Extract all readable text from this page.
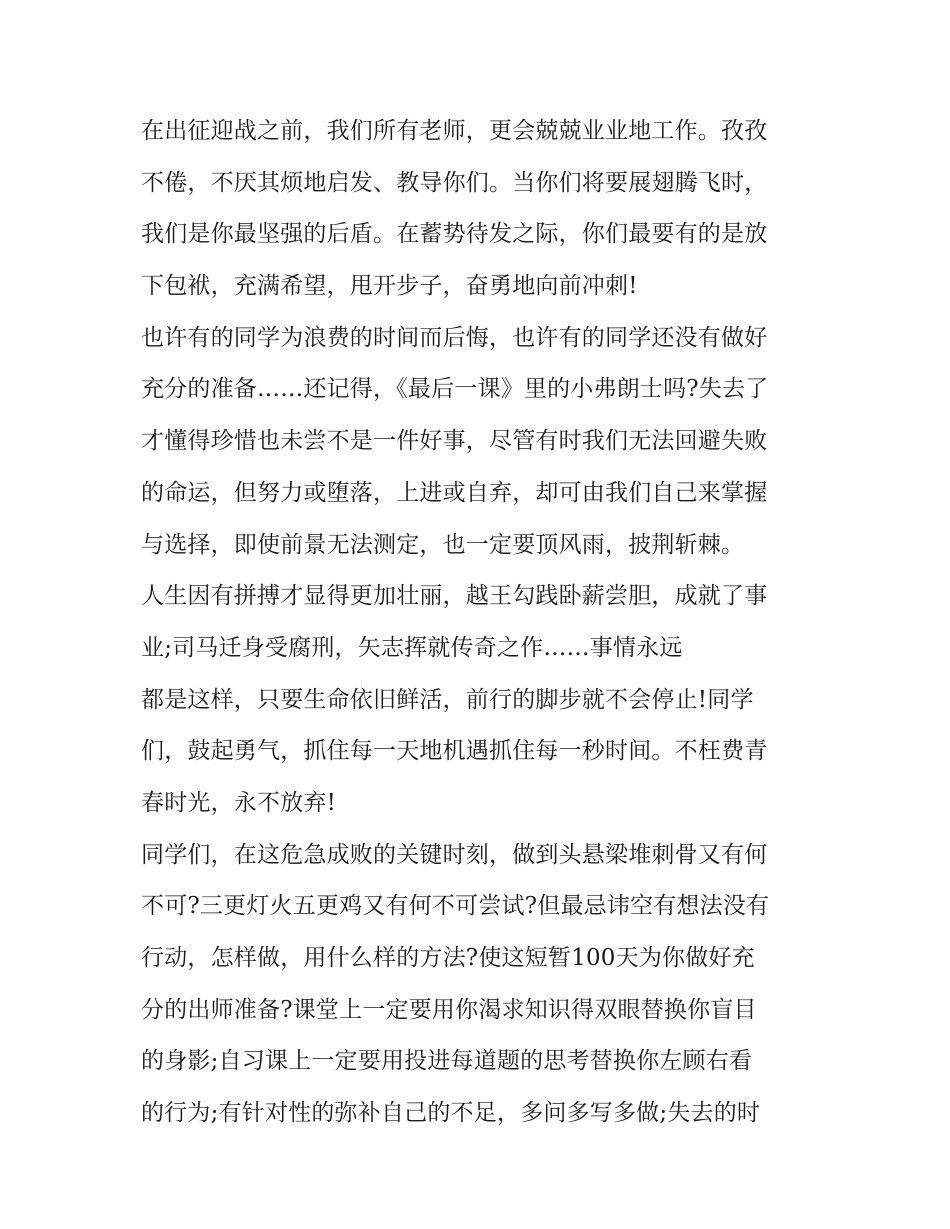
在出征迎战之前，我们所有老师，更会兢兢业业地工作。孜孜
不倦，不厌其烦地启发、教导你们。当你们将要展翅腾飞时，
我们是你最坚强的后盾。在蓄势待发之际，你们最要有的是放
下包袱，充满希望，甩开步子，奋勇地向前冲刺!
也许有的同学为浪费的时间而后悔，也许有的同学还没有做好
充分的准备……还记得，《最后一课》里的小弗朗士吗?失去了
才懂得珍惜也未尝不是一件好事，尽管有时我们无法回避失败
的命运，但努力或堕落，上进或自弃，却可由我们自己来掌握
与选择，即使前景无法测定，也一定要顶风雨，披荆斩棘。
人生因有拼搏才显得更加壮丽，越王勾践卧薪尝胆，成就了事
业;司马迁身受腐刑，矢志挥就传奇之作……事情永远
都是这样，只要生命依旧鲜活，前行的脚步就不会停止!同学
们，鼓起勇气，抓住每一天地机遇抓住每一秒时间。不枉费青
春时光，永不放弃!
同学们，在这危急成败的关键时刻，做到头悬梁堆刺骨又有何
不可?三更灯火五更鸡又有何不可尝试?但最忌讳空有想法没有
行动，怎样做，用什么样的方法?使这短暂100天为你做好充
分的出师准备?课堂上一定要用你渴求知识得双眼替换你盲目
的身影;自习课上一定要用投进每道题的思考替换你左顾右看
的行为;有针对性的弥补自己的不足，多问多写多做;失去的时
